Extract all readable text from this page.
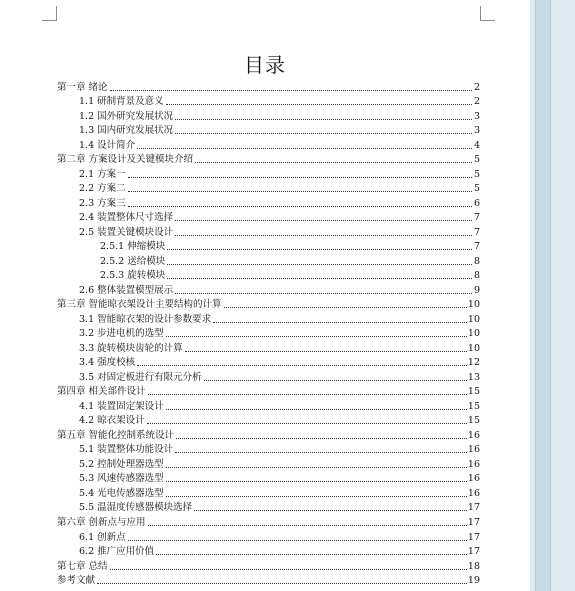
目录
第一章 绪论	2
1.1 研制背景及意义	2
1.2 国外研究发展状况	3
1.3 国内研究发展状况	3
1.4 设计简介	4
第二章 方案设计及关键模块介绍	5
2.1 方案一	5
2.2 方案二	5
2.3 方案三	6
2.4 装置整体尺寸选择	7
2.5 装置关键模块设计	7
2.5.1 伸缩模块	7
2.5.2 送给模块	8
2.5.3 旋转模块	8
2.6 整体装置模型展示	9
第三章 智能晾衣架设计主要结构的计算	10
3.1 智能晾衣架的设计参数要求	10
3.2 步进电机的选型	10
3.3 旋转模块齿轮的计算	10
3.4 强度校核	12
3.5 对固定板进行有限元分析	13
第四章 相关部件设计	15
4.1 装置固定架设计	15
4.2 晾衣架设计	15
第五章 智能化控制系统设计	16
5.1 装置整体功能设计	16
5.2 控制处理器选型	16
5.3 风速传感器选型	16
5.4 光电传感器选型	16
5.5 温湿度传感器模块选择	17
第六章 创新点与应用	17
6.1 创新点	17
6.2 推广应用价值	17
第七章 总结	18
参考文献	19
